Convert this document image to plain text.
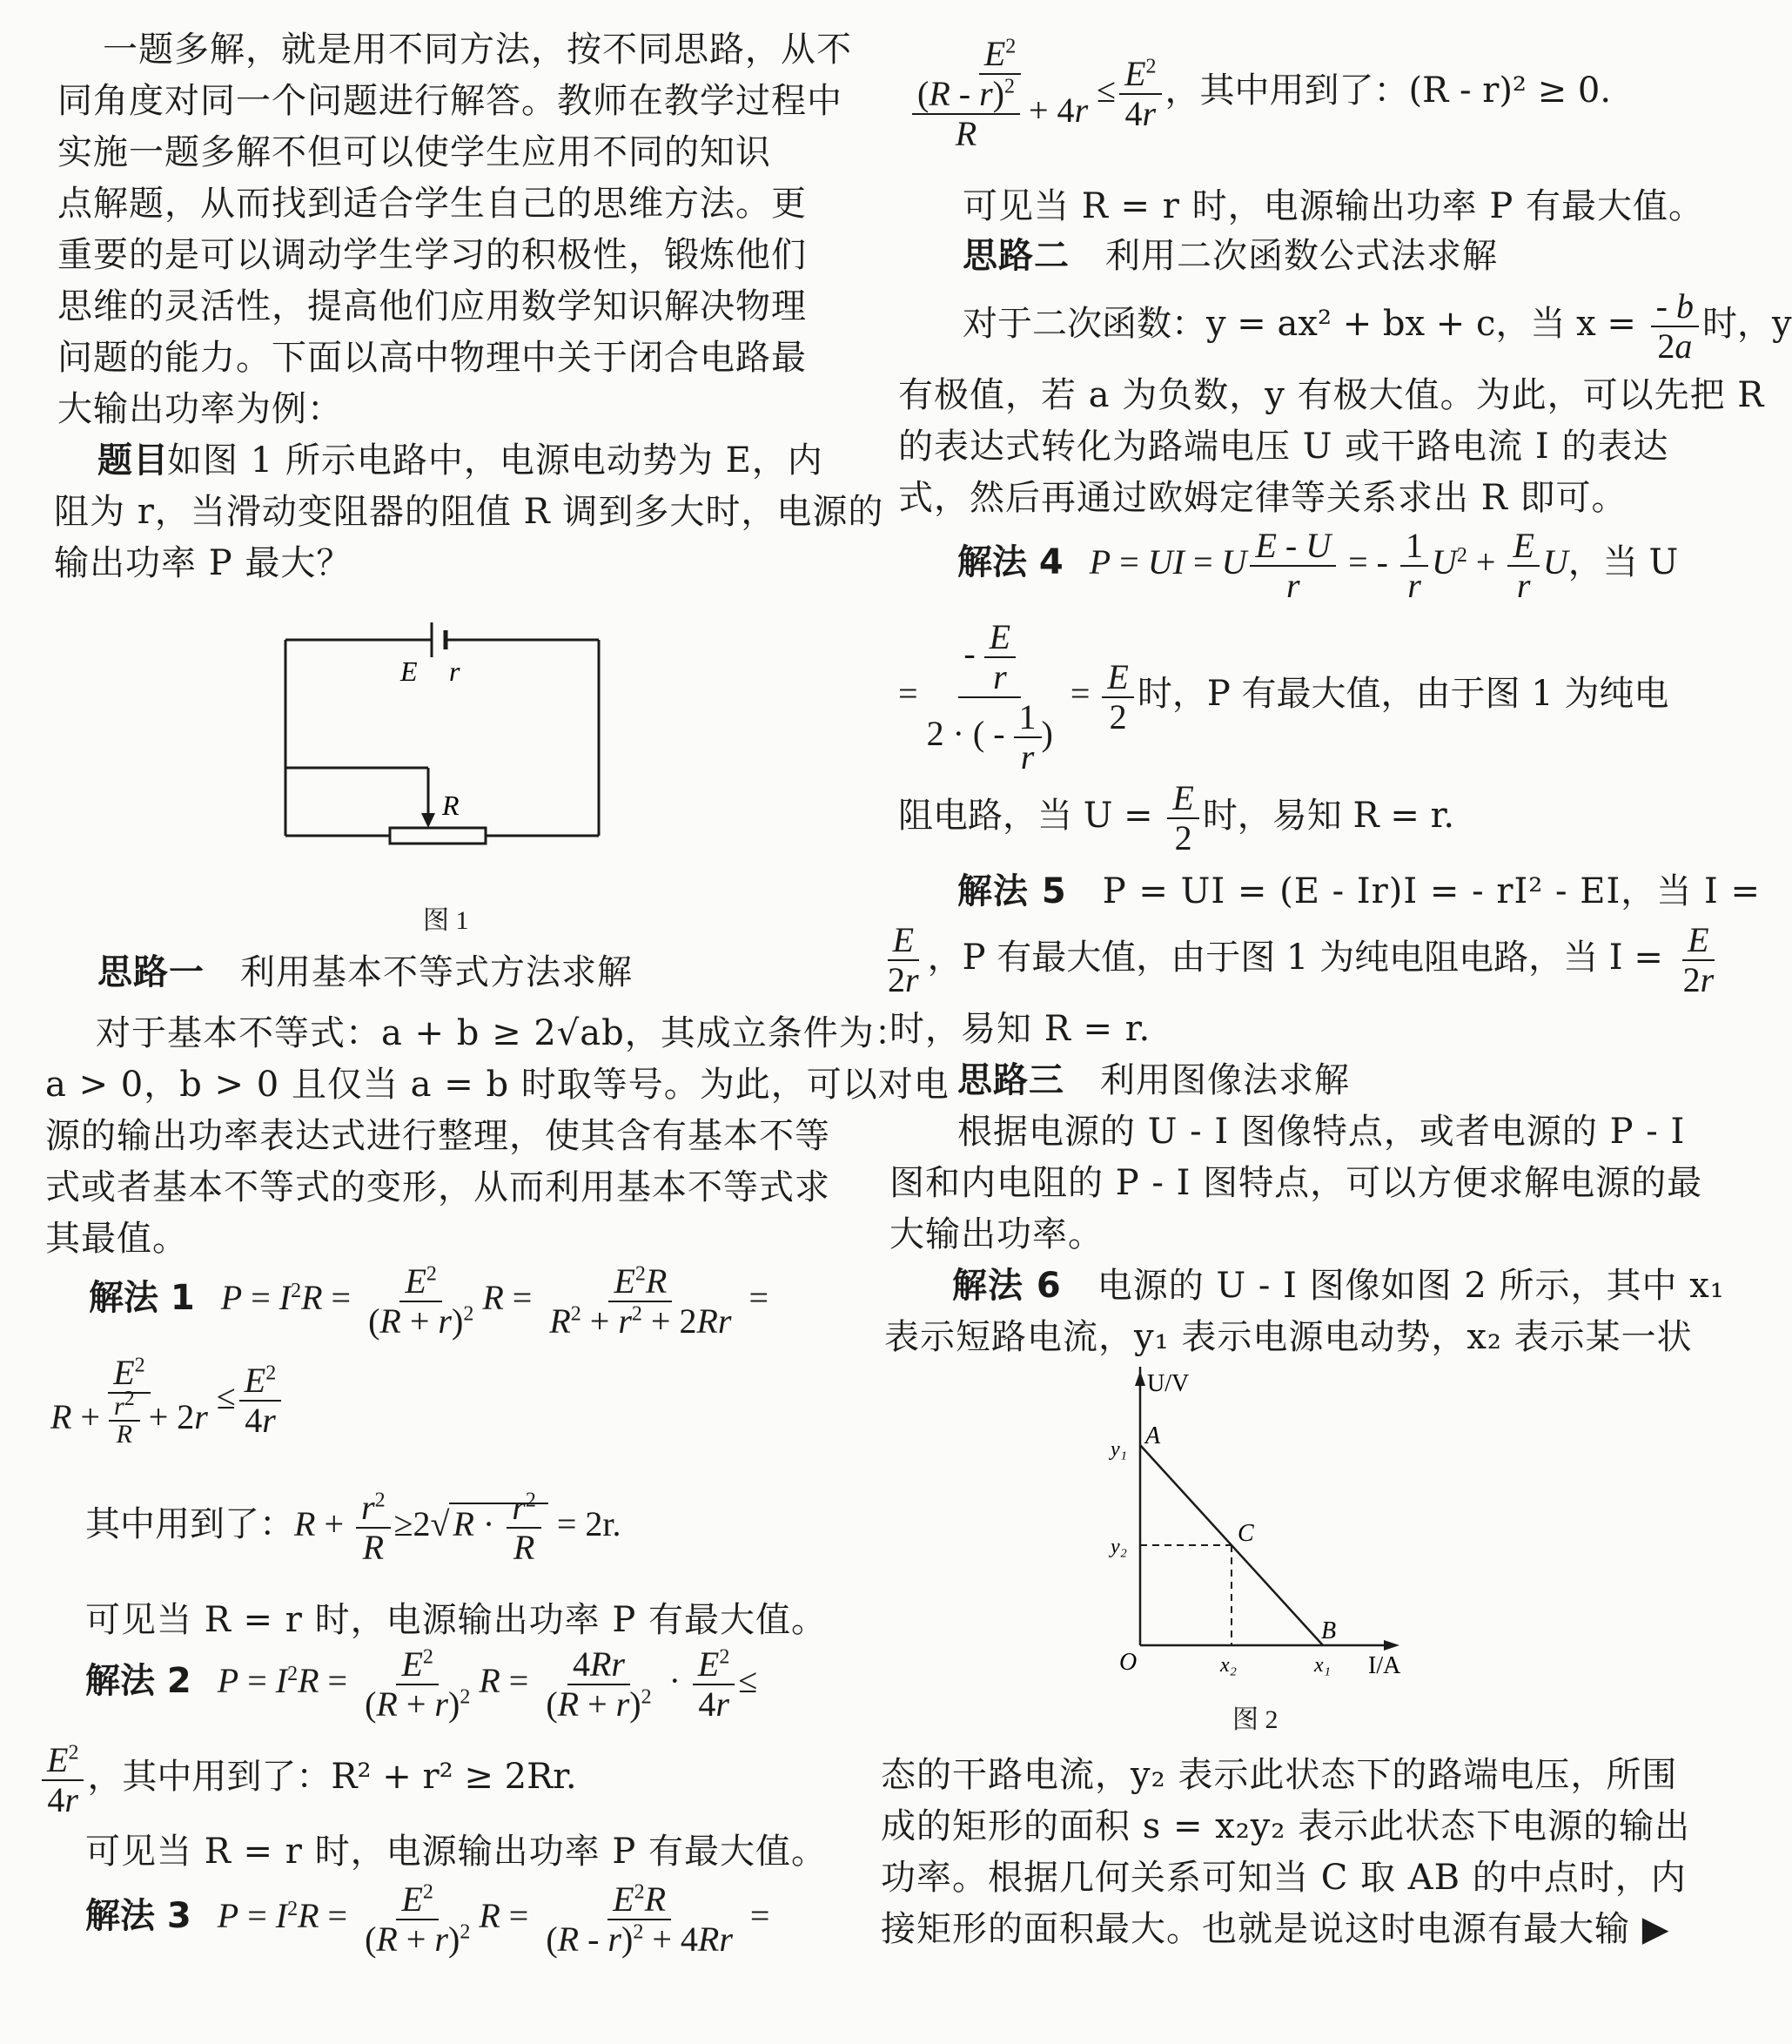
一题多解，就是用不同方法，按不同思路，从不

同角度对同一个问题进行解答。教师在教学过程中

实施一题多解不但可以使学生应用不同的知识

点解题，从而找到适合学生自己的思维方法。更

重要的是可以调动学生学习的积极性，锻炼他们

思维的灵活性，提高他们应用数学知识解决物理

问题的能力。下面以高中物理中关于闭合电路最

大输出功率为例：

题目

如图 1 所示电路中，电源电动势为 E，内

阻为 r，当滑动变阻器的阻值 R 调到多大时，电源的

输出功率 P 最大？

E r
R
图 1

思路一　 利用基本不等式方法求解

对于基本不等式：a + b ≥ 2√ab，其成立条件为：

a > 0，b > 0 且仅当 a = b 时取等号。为此，可以对电

源的输出功率表达式进行整理，使其含有基本不等

式或者基本不等式的变形，从而利用基本不等式求

其最值。

解法 1 $P = I^2R = \frac{E^2}{(R + r)^2}$ $R = \frac{E^2R}{R^2 + r^2 + 2Rr}$ =
$\frac{E^2}{R + \frac{r^2}{R} + 2r} \le \frac{E^2}{4r}$
其中用到了：$R + \frac{r^2}{R} \ge 2√$ $R \cdot \frac{r^2}{R} = 2r$.

可见当 R = r 时，电源输出功率 P 有最大值。

解法 2 $P = I^2R = \frac{E^2}{(R + r)^2}$ $R = \frac{4Rr}{(R + r)^2} \cdot \frac{E^2}{4r}$ ≤
$\frac{E^2}{4r}$ ，其中用到了：R² + r² ≥ 2Rr.

可见当 R = r 时，电源输出功率 P 有最大值。

解法 3 $P = I^2R = \frac{E^2}{(R + r)^2}$ $R = \frac{E^2R}{(R - r)^2 + 4Rr}$ =
$\frac{E^2}{\frac{(R - r)^2}{R} + 4r} \le \frac{E^2}{4r}$ ，其中用到了：(R - r)² ≥ 0.

可见当 R = r 时，电源输出功率 P 有最大值。

思路二　 利用二次函数公式法求解

对于二次函数：y = ax² + bx + c，当 $x = \frac{- b}{2a}$ 时，y

有极值，若 a 为负数，y 有极大值。为此，可以先把 R

的表达式转化为路端电压 U 或干路电流 I 的表达

式，然后再通过欧姆定律等关系求出 R 即可。

解法 4 P = UI = U $\frac{E - U}{r}$ = - $\frac{1}{r} U^2 + \frac{E}{r}$ U，当 U
= $\frac{- \frac{E}{r}}{2 \cdot ( - \frac{1}{r} )} = \frac{E}{2}$ 时，P 有最大值，由于图 1 为纯电
阻电路，当 $U = \frac{E}{2}$ 时，易知 R = r.

解法 5　 P = UI = (E - Ir)I = - rI² - EI，当 I =

$\frac{E}{2r}$ ，P 有最大值，由于图 1 为纯电阻电路，当 $I = \frac{E}{2r}$

时，易知 R = r.

思路三　 利用图像法求解

根据电源的 U - I 图像特点，或者电源的 P - I

图和内电阻的 P - I 图特点，可以方便求解电源的最

大输出功率。

解法 6　 电源的 U - I 图像如图 2 所示，其中 x₁

表示短路电流，y₁ 表示电源电动势，x₂ 表示某一状

U/V
I/A
O
A
B
C
y₁
y₂
x₂	x₁
图 2

态的干路电流，y₂ 表示此状态下的路端电压，所围

成的矩形的面积 s = x₂y₂ 表示此状态下电源的输出

功率。根据几何关系可知当 C 取 AB 的中点时，内

接矩形的面积最大。也就是说这时电源有最大输 ▶
